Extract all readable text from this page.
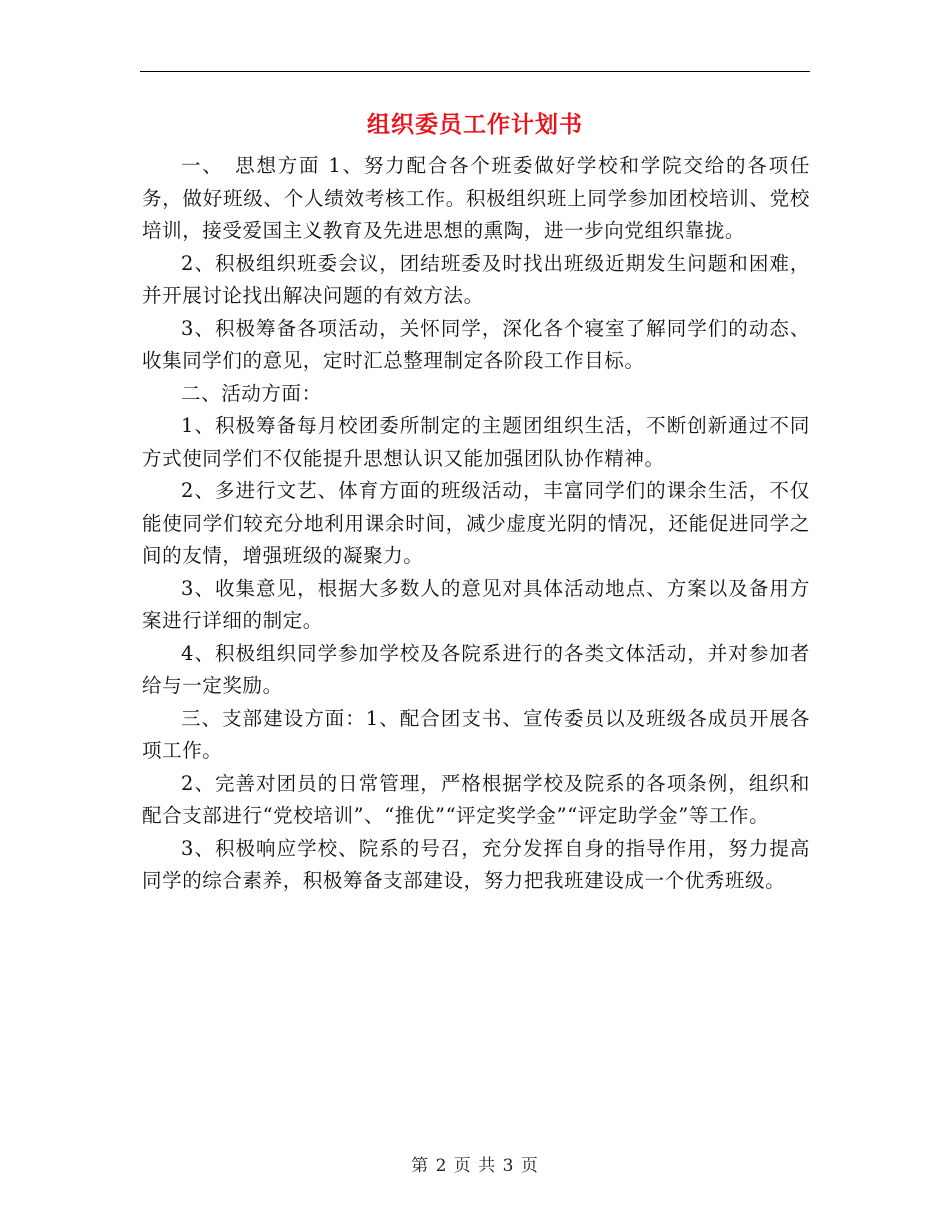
组织委员工作计划书

一、　思想方面 1、努力配合各个班委做好学校和学院交给的各项任务，做好班级、个人绩效考核工作。积极组织班上同学参加团校培训、党校培训，接受爱国主义教育及先进思想的熏陶，进一步向党组织靠拢。

2、积极组织班委会议，团结班委及时找出班级近期发生问题和困难，并开展讨论找出解决问题的有效方法。

3、积极筹备各项活动，关怀同学，深化各个寝室了解同学们的动态、收集同学们的意见，定时汇总整理制定各阶段工作目标。

二、活动方面：

1、积极筹备每月校团委所制定的主题团组织生活，不断创新通过不同方式使同学们不仅能提升思想认识又能加强团队协作精神。

2、多进行文艺、体育方面的班级活动，丰富同学们的课余生活，不仅能使同学们较充分地利用课余时间，减少虚度光阴的情况，还能促进同学之间的友情，增强班级的凝聚力。

3、收集意见，根据大多数人的意见对具体活动地点、方案以及备用方案进行详细的制定。

4、积极组织同学参加学校及各院系进行的各类文体活动，并对参加者给与一定奖励。

三、支部建设方面：1、配合团支书、宣传委员以及班级各成员开展各项工作。

2、完善对团员的日常管理，严格根据学校及院系的各项条例，组织和配合支部进行“党校培训”、“推优”“评定奖学金”“评定助学金”等工作。

3、积极响应学校、院系的号召，充分发挥自身的指导作用，努力提高同学的综合素养，积极筹备支部建设，努力把我班建设成一个优秀班级。

第 2 页 共 3 页
